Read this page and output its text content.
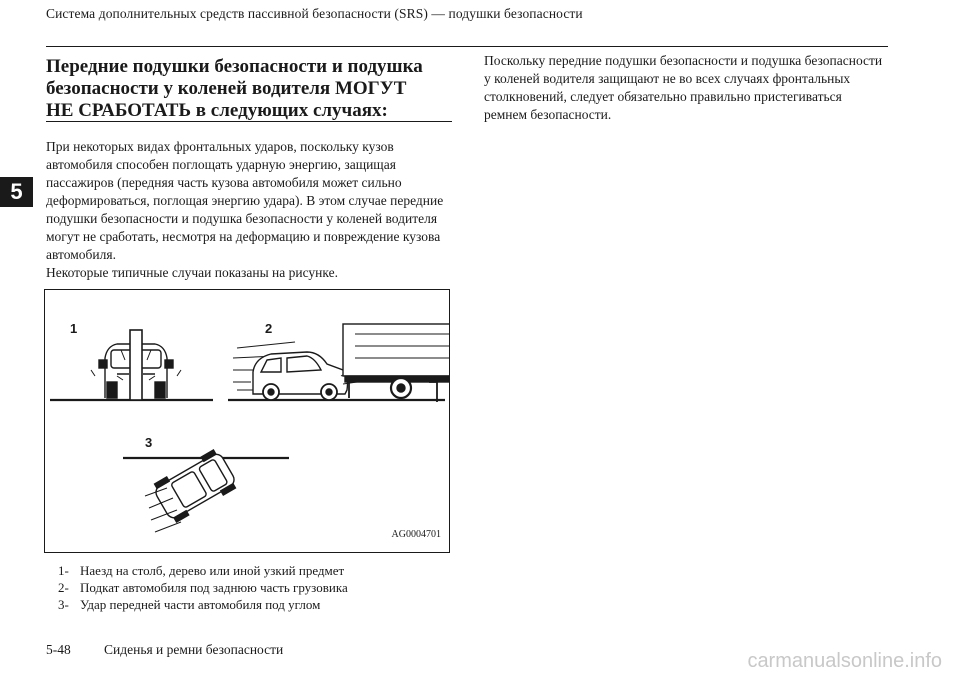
Система дополнительных средств пассивной безопасности (SRS) — подушки безопасности
5
Передние подушки безопасности и подушка
безопасности у коленей водителя МОГУТ
НЕ СРАБОТАТЬ в следующих случаях:
При некоторых видах фронтальных ударов, поскольку кузов
автомобиля способен поглощать ударную энергию, защищая
пассажиров (передняя часть кузова автомобиля может сильно
деформироваться, поглощая энергию удара). В этом случае передние
подушки безопасности и подушка безопасности у коленей водителя
могут не сработать, несмотря на деформацию и повреждение кузова
автомобиля.
Некоторые типичные случаи показаны на рисунке.
1	2
3
AG0004701
1- Наезд на столб, дерево или иной узкий предмет
2- Подкат автомобиля под заднюю часть грузовика
3- Удар передней части автомобиля под углом
Поскольку передние подушки безопасности и подушка безопасности
у коленей водителя защищают не во всех случаях фронтальных
столкновений, следует обязательно правильно пристегиваться
ремнем безопасности.
5-48 Сиденья и ремни безопасности
carmanualsonline.info
